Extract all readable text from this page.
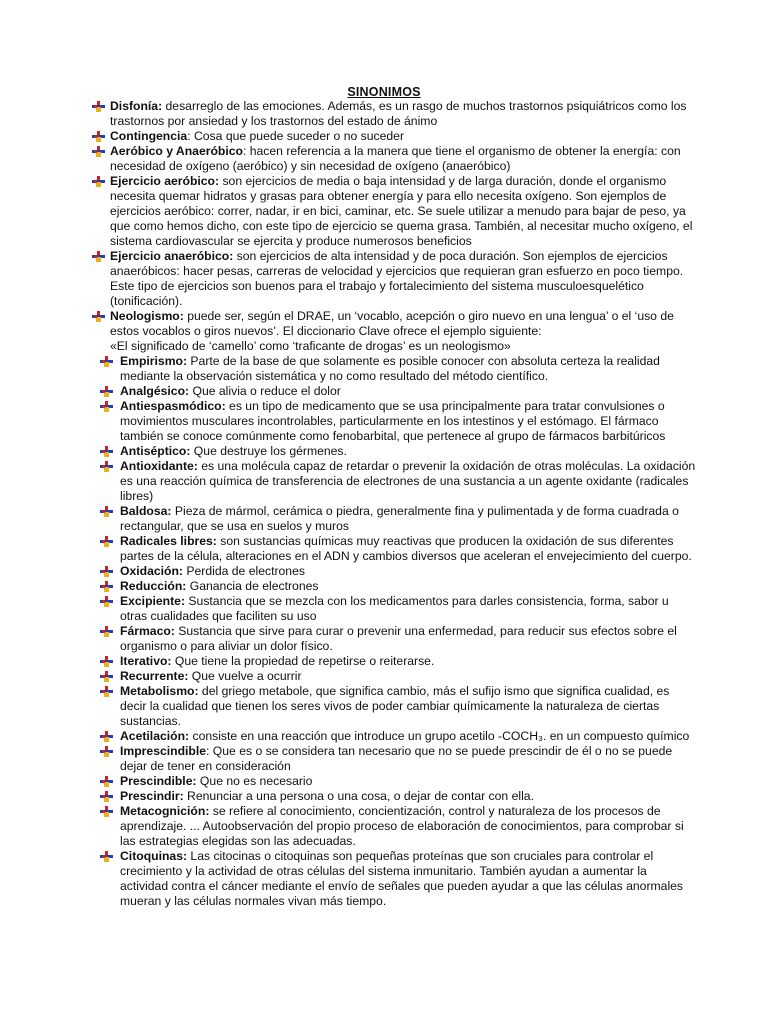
SINONIMOS
Disfonía: desarreglo de las emociones. Además, es un rasgo de muchos trastornos psiquiátricos como los trastornos por ansiedad y los trastornos del estado de ánimo
Contingencia: Cosa que puede suceder o no suceder
Aeróbico y Anaeróbico: hacen referencia a la manera que tiene el organismo de obtener la energía: con necesidad de oxígeno (aeróbico) y sin necesidad de oxígeno (anaeróbico)
Ejercicio aeróbico: son ejercicios de media o baja intensidad y de larga duración, donde el organismo necesita quemar hidratos y grasas para obtener energía y para ello necesita oxígeno. Son ejemplos de ejercicios aeróbico: correr, nadar, ir en bici, caminar, etc. Se suele utilizar a menudo para bajar de peso, ya que como hemos dicho, con este tipo de ejercicio se quema grasa. También, al necesitar mucho oxígeno, el sistema cardiovascular se ejercita y produce numerosos beneficios
Ejercicio anaeróbico: son ejercicios de alta intensidad y de poca duración. Son ejemplos de ejercicios anaeróbicos: hacer pesas, carreras de velocidad y ejercicios que requieran gran esfuerzo en poco tiempo. Este tipo de ejercicios son buenos para el trabajo y fortalecimiento del sistema musculoesquelético (tonificación).
Neologismo: puede ser, según el DRAE, un ‘vocablo, acepción o giro nuevo en una lengua’ o el ‘uso de estos vocablos o giros nuevos’. El diccionario Clave ofrece el ejemplo siguiente:
«El significado de ‘camello’ como ‘traficante de drogas’ es un neologismo»
Empirismo: Parte de la base de que solamente es posible conocer con absoluta certeza la realidad mediante la observación sistemática y no como resultado del método científico.
Analgésico: Que alivia o reduce el dolor
Antiespasmódico: es un tipo de medicamento que se usa principalmente para tratar convulsiones o movimientos musculares incontrolables, particularmente en los intestinos y el estómago. El fármaco también se conoce comúnmente como fenobarbital, que pertenece al grupo de fármacos barbitúricos
Antiséptico: Que destruye los gérmenes.
Antioxidante: es una molécula capaz de retardar o prevenir la oxidación de otras moléculas. La oxidación es una reacción química de transferencia de electrones de una sustancia a un agente oxidante (radicales libres)
Baldosa: Pieza de mármol, cerámica o piedra, generalmente fina y pulimentada y de forma cuadrada o rectangular, que se usa en suelos y muros
Radicales libres: son sustancias químicas muy reactivas que producen la oxidación de sus diferentes partes de la célula, alteraciones en el ADN y cambios diversos que aceleran el envejecimiento del cuerpo.
Oxidación: Perdida de electrones
Reducción: Ganancia de electrones
Excipiente: Sustancia que se mezcla con los medicamentos para darles consistencia, forma, sabor u otras cualidades que faciliten su uso
Fármaco: Sustancia que sirve para curar o prevenir una enfermedad, para reducir sus efectos sobre el organismo o para aliviar un dolor físico.
Iterativo: Que tiene la propiedad de repetirse o reiterarse.
Recurrente: Que vuelve a ocurrir
Metabolismo: del griego metabole, que significa cambio, más el sufijo ismo que significa cualidad, es decir la cualidad que tienen los seres vivos de poder cambiar químicamente la naturaleza de ciertas sustancias.
Acetilación: consiste en una reacción que introduce un grupo acetilo -COCH₃. en un compuesto químico
Imprescindible: Que es o se considera tan necesario que no se puede prescindir de él o no se puede dejar de tener en consideración
Prescindible: Que no es necesario
Prescindir: Renunciar a una persona o una cosa, o dejar de contar con ella.
Metacognición: se refiere al conocimiento, concientización, control y naturaleza de los procesos de aprendizaje. ... Autoobservación del propio proceso de elaboración de conocimientos, para comprobar si las estrategias elegidas son las adecuadas.
Citoquinas: Las citocinas o citoquinas son pequeñas proteínas que son cruciales para controlar el crecimiento y la actividad de otras células del sistema inmunitario. También ayudan a aumentar la actividad contra el cáncer mediante el envío de señales que pueden ayudar a que las células anormales mueran y las células normales vivan más tiempo.
